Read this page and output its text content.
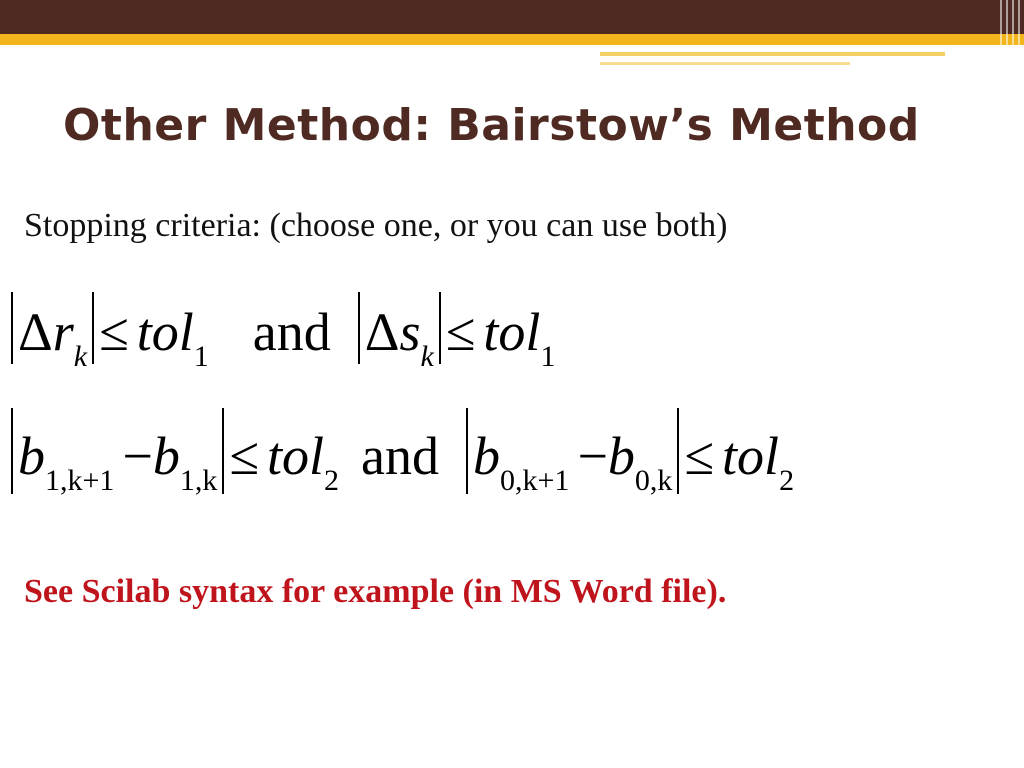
Other Method: Bairstow’s Method

Stopping criteria: (choose one, or you can use both)

$\Delta r_k \le tol_1$ and $\Delta s_k \le tol_1$
$b_{1,k+1} -b_{1,k} \le tol_2$ and $b_{0,k+1} -b_{0,k} \le tol_2$

See Scilab syntax for example (in MS Word file).
